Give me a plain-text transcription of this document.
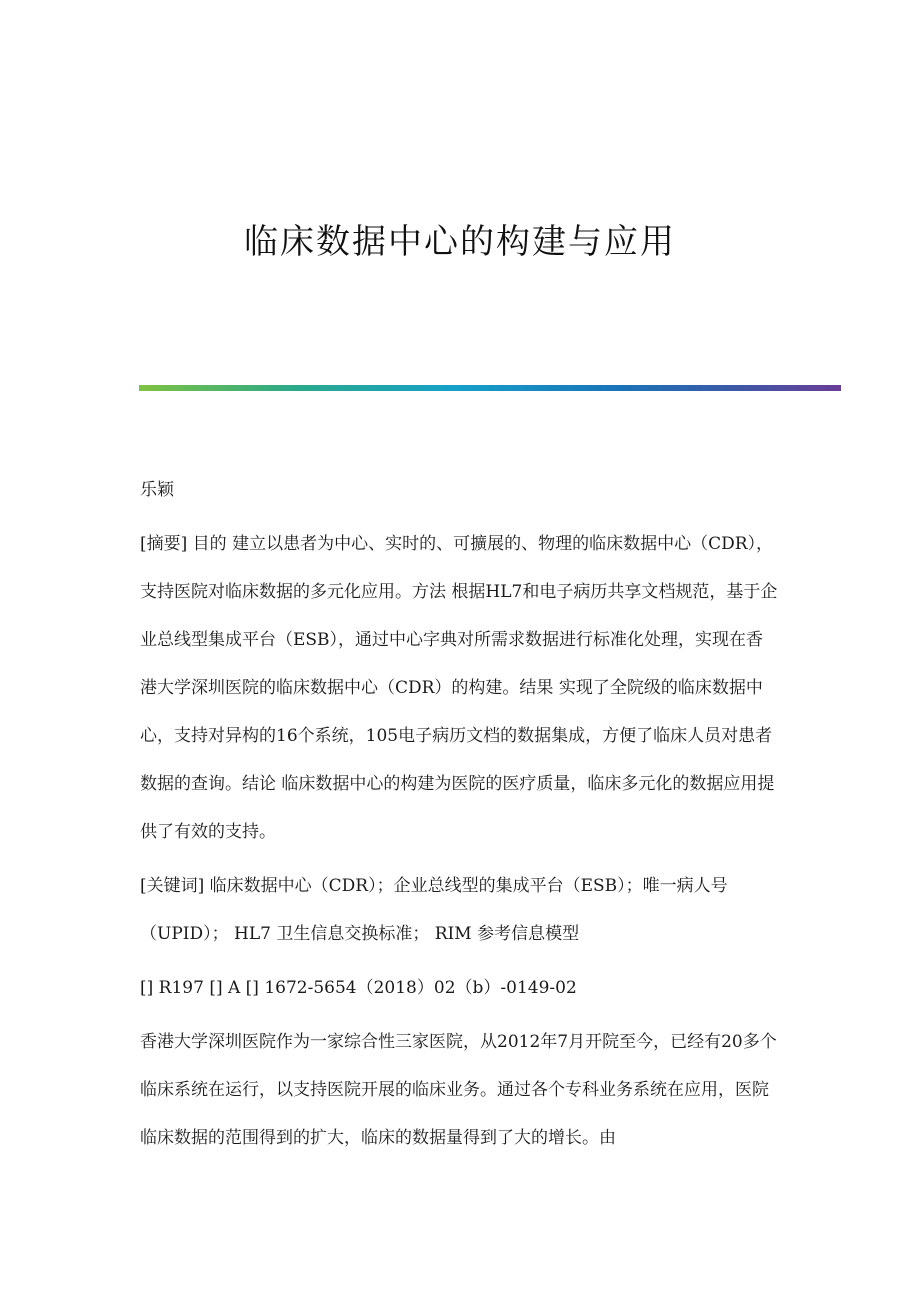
临床数据中心的构建与应用

乐颖

[摘要] 目的 建立以患者为中心、实时的、可擴展的、物理的临床数据中心（CDR），支持医院对临床数据的多元化应用。方法 根据HL7和电子病历共享文档规范，基于企业总线型集成平台（ESB），通过中心字典对所需求数据进行标准化处理，实现在香港大学深圳医院的临床数据中心（CDR）的构建。结果 实现了全院级的临床数据中心，支持对异构的16个系统，105电子病历文档的数据集成，方便了临床人员对患者数据的查询。结论 临床数据中心的构建为医院的医疗质量，临床多元化的数据应用提供了有效的支持。

[关键词] 临床数据中心（CDR）；企业总线型的集成平台（ESB）；唯一病人号（UPID）； HL7 卫生信息交换标准； RIM 参考信息模型

[] R197 [] A [] 1672-5654（2018）02（b）-0149-02

香港大学深圳医院作为一家综合性三家医院，从2012年7月开院至今，已经有20多个临床系统在运行，以支持医院开展的临床业务。通过各个专科业务系统在应用，医院临床数据的范围得到的扩大，临床的数据量得到了大的增长。由
